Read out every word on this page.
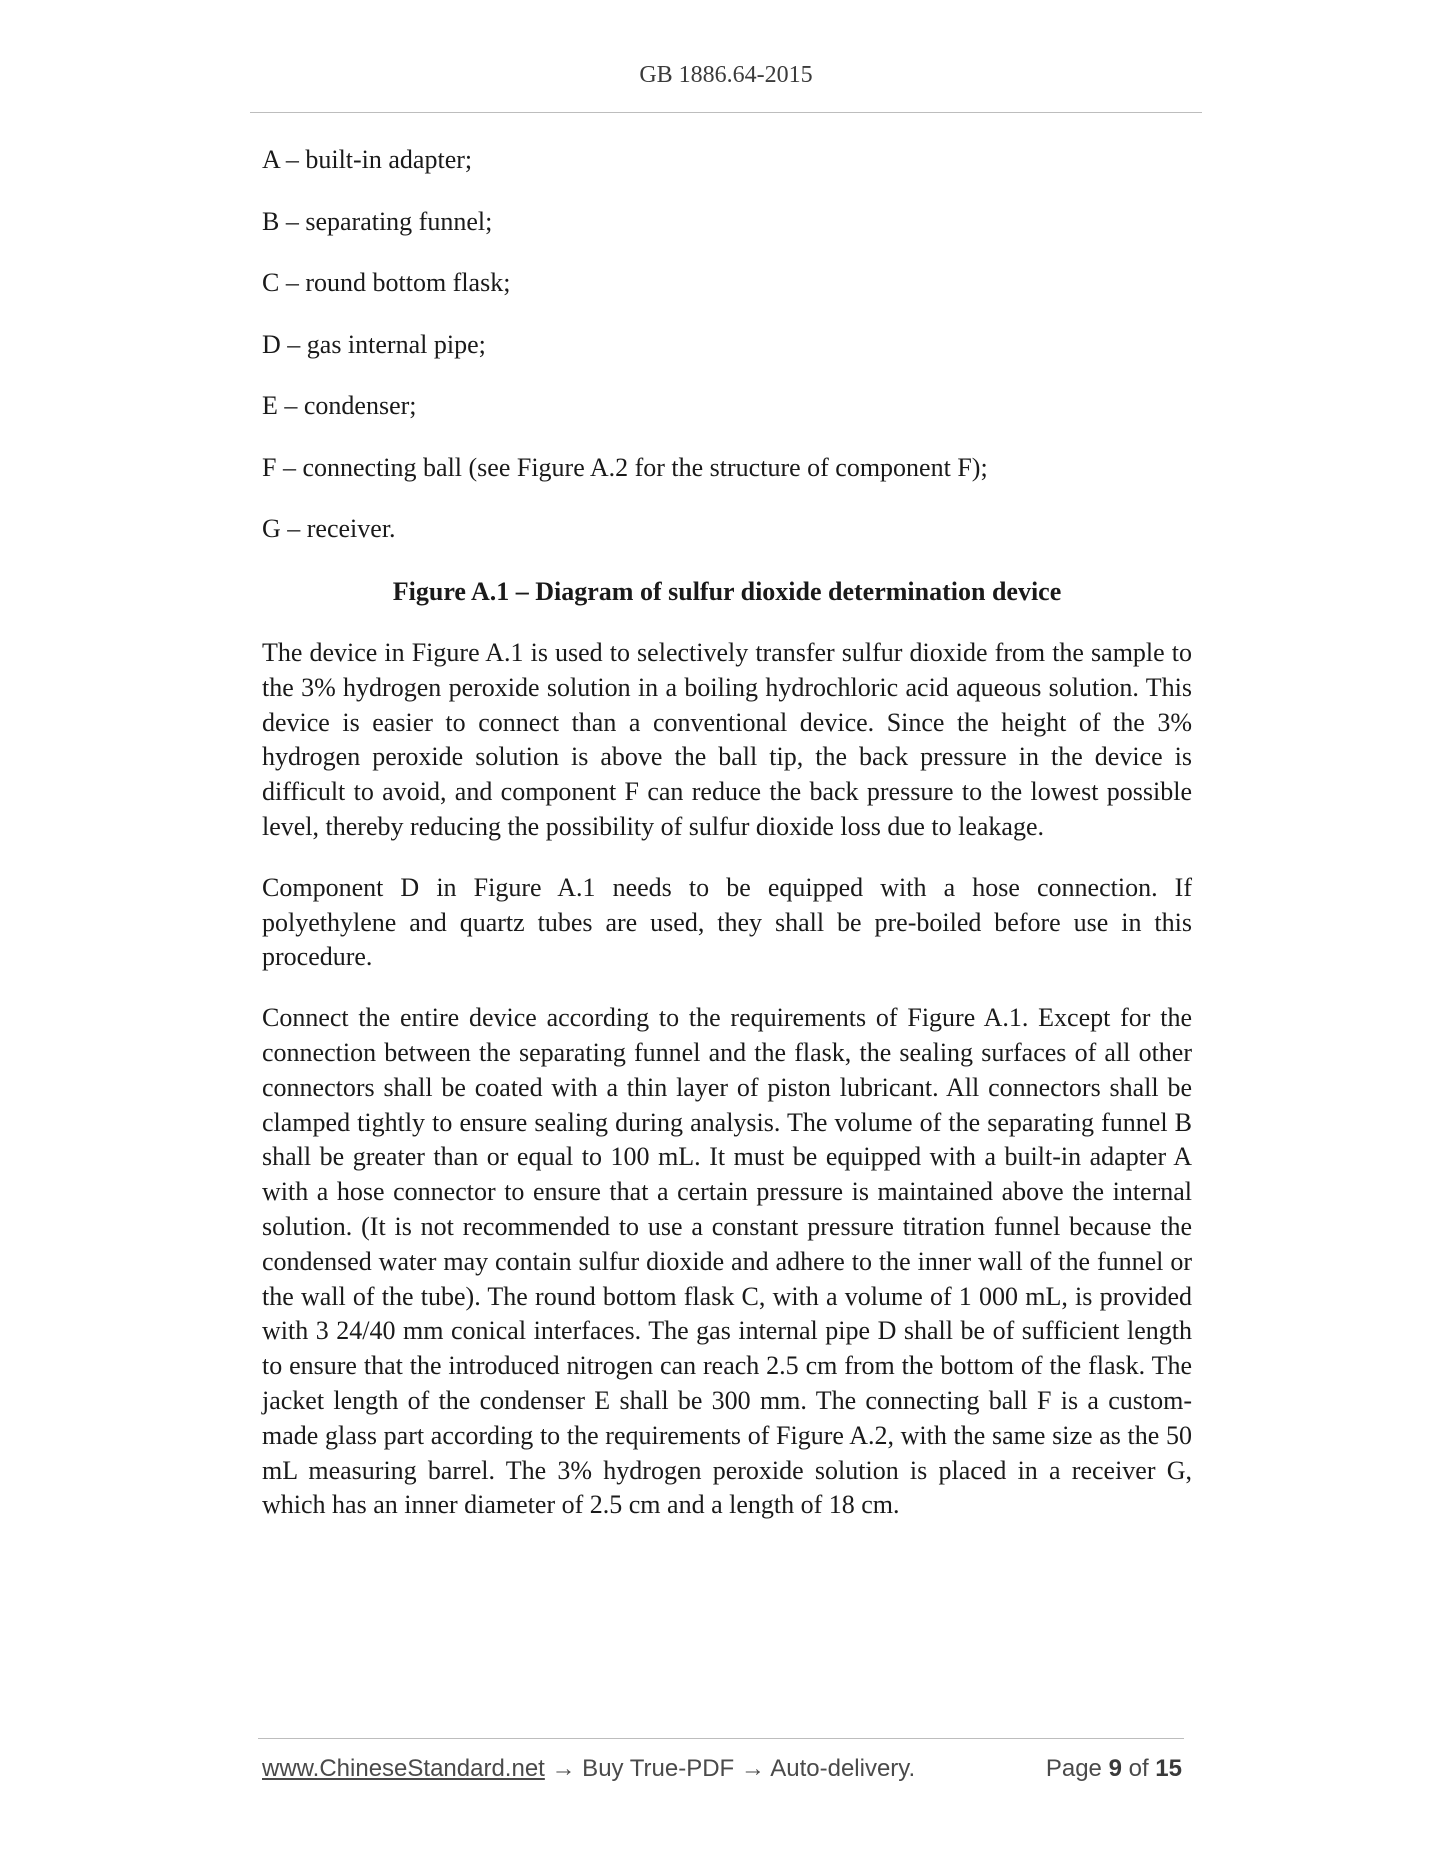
GB 1886.64-2015
A – built-in adapter;
B – separating funnel;
C – round bottom flask;
D – gas internal pipe;
E – condenser;
F – connecting ball (see Figure A.2 for the structure of component F);
G – receiver.
Figure A.1 – Diagram of sulfur dioxide determination device

The device in Figure A.1 is used to selectively transfer sulfur dioxide from the sample to the 3% hydrogen peroxide solution in a boiling hydrochloric acid aqueous solution. This device is easier to connect than a conventional device. Since the height of the 3% hydrogen peroxide solution is above the ball tip, the back pressure in the device is difficult to avoid, and component F can reduce the back pressure to the lowest possible level, thereby reducing the possibility of sulfur dioxide loss due to leakage.

Component D in Figure A.1 needs to be equipped with a hose connection. If polyethylene and quartz tubes are used, they shall be pre-boiled before use in this procedure.

Connect the entire device according to the requirements of Figure A.1. Except for the connection between the separating funnel and the flask, the sealing surfaces of all other connectors shall be coated with a thin layer of piston lubricant. All connectors shall be clamped tightly to ensure sealing during analysis. The volume of the separating funnel B shall be greater than or equal to 100 mL. It must be equipped with a built-in adapter A with a hose connector to ensure that a certain pressure is maintained above the internal solution. (It is not recommended to use a constant pressure titration funnel because the condensed water may contain sulfur dioxide and adhere to the inner wall of the funnel or the wall of the tube). The round bottom flask C, with a volume of 1 000 mL, is provided with 3 24/40 mm conical interfaces. The gas internal pipe D shall be of sufficient length to ensure that the introduced nitrogen can reach 2.5 cm from the bottom of the flask. The jacket length of the condenser E shall be 300 mm. The connecting ball F is a custom-made glass part according to the requirements of Figure A.2, with the same size as the 50 mL measuring barrel. The 3% hydrogen peroxide solution is placed in a receiver G, which has an inner diameter of 2.5 cm and a length of 18 cm.

www.ChineseStandard.net → Buy True-PDF → Auto-delivery.	Page 9 of 15
